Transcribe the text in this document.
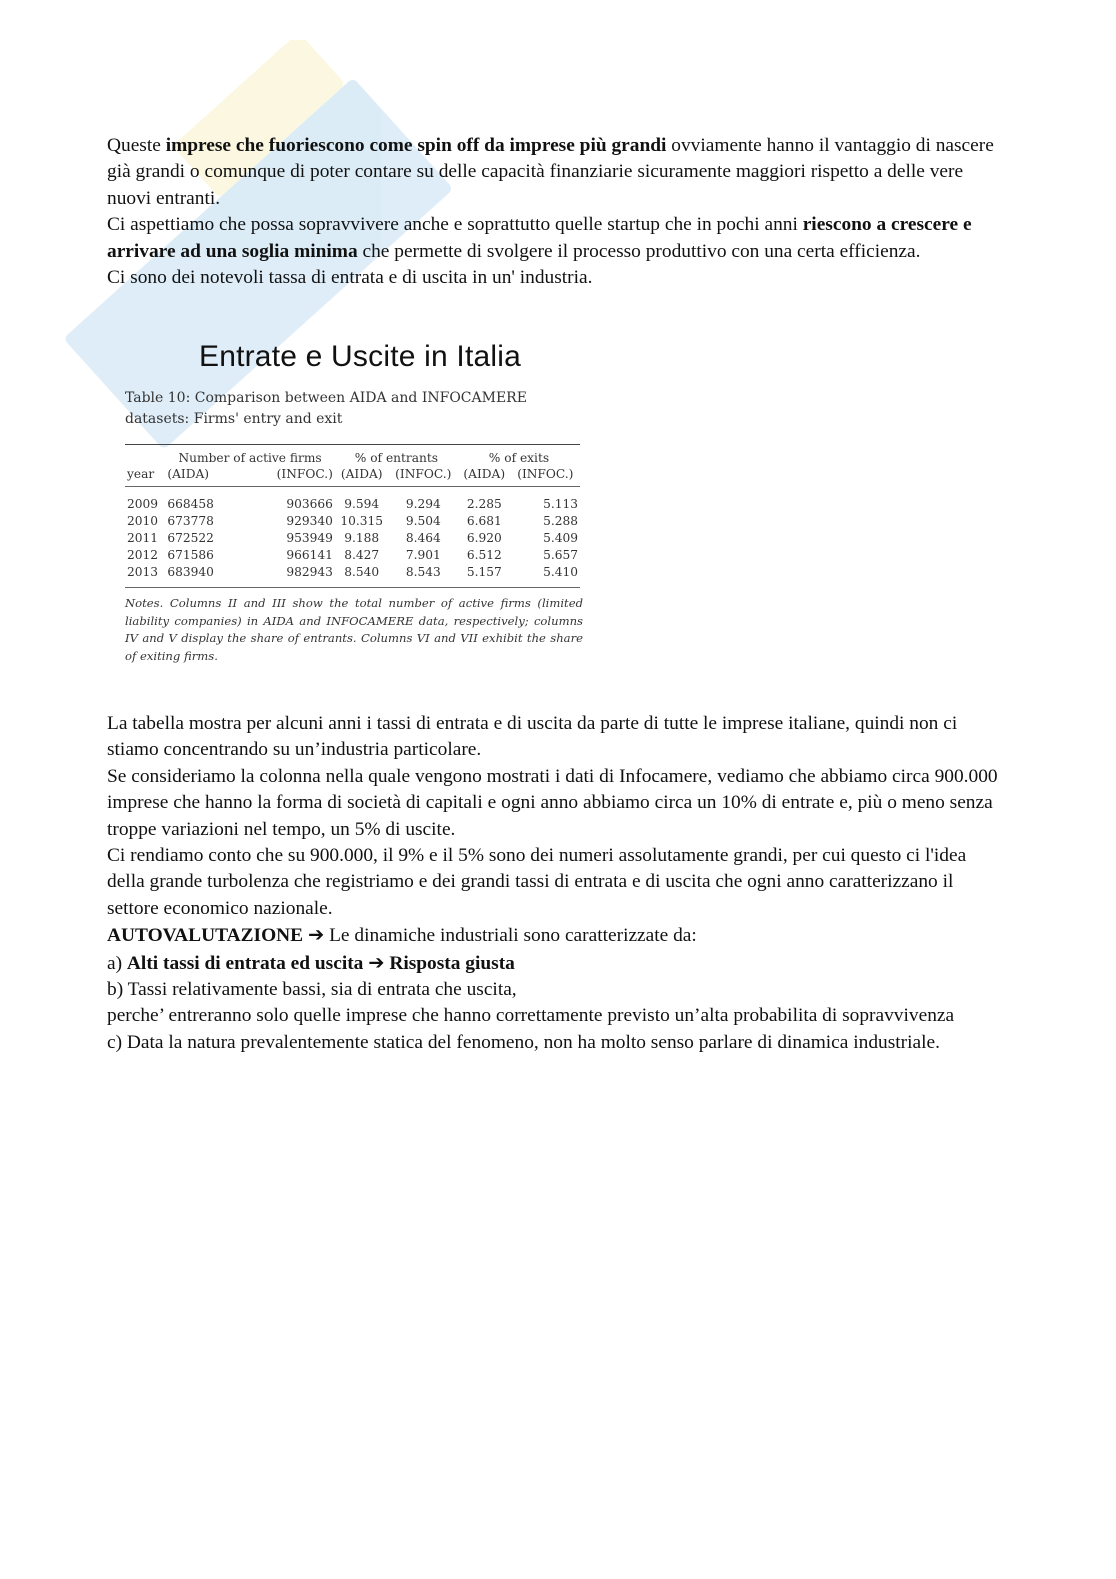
Queste imprese che fuoriescono come spin off da imprese più grandi ovviamente hanno il vantaggio di nascere già grandi o comunque di poter contare su delle capacità finanziarie sicuramente maggiori rispetto a delle vere nuovi entranti.

Ci aspettiamo che possa sopravvivere anche e soprattutto quelle startup che in pochi anni riescono a crescere e arrivare ad una soglia minima che permette di svolgere il processo produttivo con una certa efficienza.

Ci sono dei notevoli tassa di entrata e di uscita in un' industria.

Entrate e Uscite in Italia
Table 10: Comparison between AIDA and INFOCAMERE
datasets: Firms' entry and exit
	Number of active firms		% of entrants		% of exits	
year	(AIDA)	(INFOC.)	(AIDA)	(INFOC.)	(AIDA)	(INFOC.)
2009	668458	903666	9.594	9.294	2.285	5.113
2010	673778	929340	10.315	9.504	6.681	5.288
2011	672522	953949	9.188	8.464	6.920	5.409
2012	671586	966141	8.427	7.901	6.512	5.657
2013	683940	982943	8.540	8.543	5.157	5.410
Notes. Columns II and III show the total number of active firms (limited liability companies) in AIDA and INFOCAMERE data, respectively; columns IV and V display the share of entrants. Columns VI and VII exhibit the share of exiting firms.

La tabella mostra per alcuni anni i tassi di entrata e di uscita da parte di tutte le imprese italiane, quindi non ci stiamo concentrando su un’industria particolare.

Se consideriamo la colonna nella quale vengono mostrati i dati di Infocamere, vediamo che abbiamo circa 900.000 imprese che hanno la forma di società di capitali e ogni anno abbiamo circa un 10% di entrate e, più o meno senza troppe variazioni nel tempo, un 5% di uscite.

Ci rendiamo conto che su 900.000, il 9% e il 5% sono dei numeri assolutamente grandi, per cui questo ci l'idea della grande turbolenza che registriamo e dei grandi tassi di entrata e di uscita che ogni anno caratterizzano il settore economico nazionale.

AUTOVALUTAZIONE ➔ Le dinamiche industriali sono caratterizzate da:

a) Alti tassi di entrata ed uscita ➔ Risposta giusta

b) Tassi relativamente bassi, sia di entrata che uscita,

perche’ entreranno solo quelle imprese che hanno correttamente previsto un’alta probabilita di sopravvivenza

c) Data la natura prevalentemente statica del fenomeno, non ha molto senso parlare di dinamica industriale.
